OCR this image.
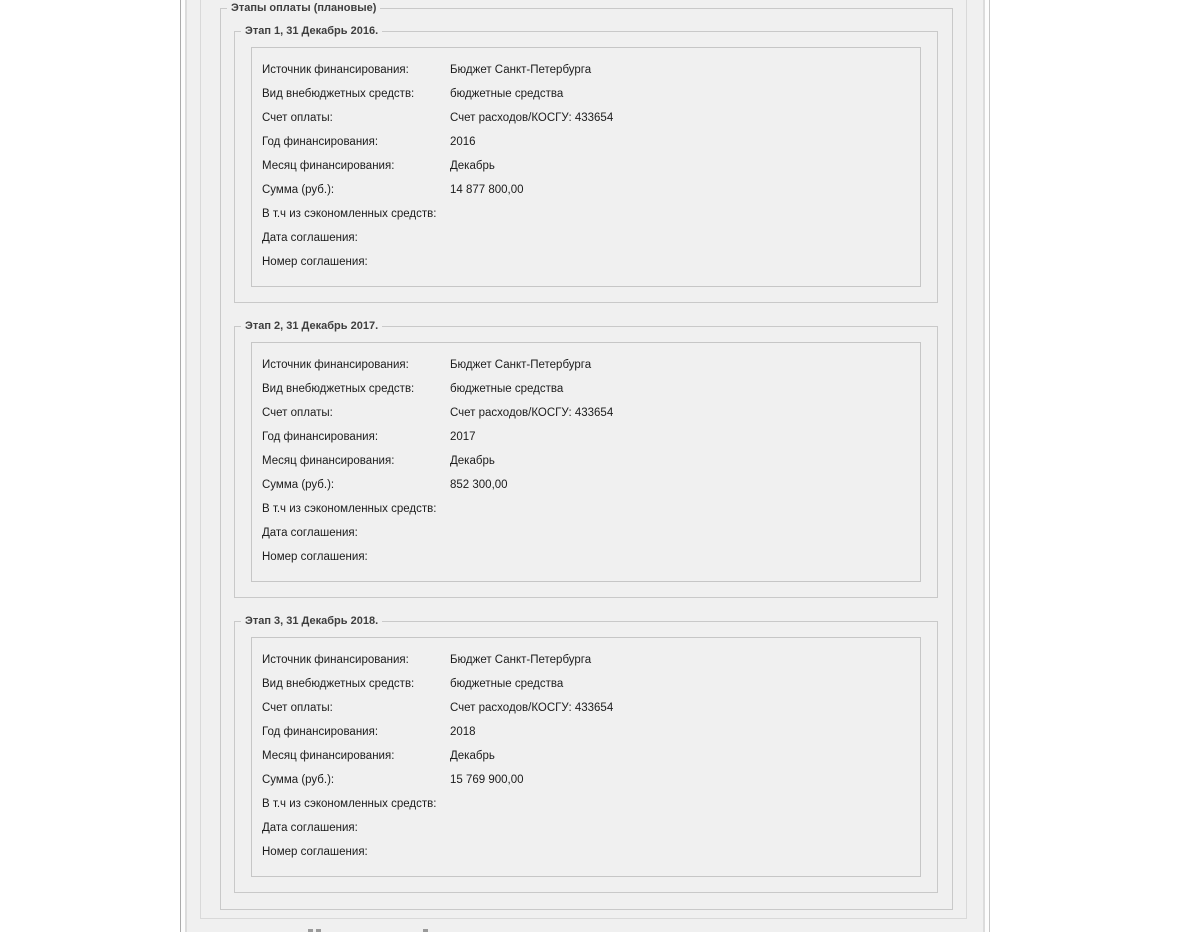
Этапы оплаты (плановые)
Этап 1, 31 Декабрь 2016.
Источник финансирования:	Бюджет Санкт-Петербурга
Вид внебюджетных средств:	бюджетные средства
Счет оплаты:	Счет расходов/КОСГУ: 433654
Год финансирования:	2016
Месяц финансирования:	Декабрь
Сумма (руб.):	14 877 800,00
В т.ч из сэкономленных средств:
Дата соглашения:
Номер соглашения:
Этап 2, 31 Декабрь 2017.
Источник финансирования:	Бюджет Санкт-Петербурга
Вид внебюджетных средств:	бюджетные средства
Счет оплаты:	Счет расходов/КОСГУ: 433654
Год финансирования:	2017
Месяц финансирования:	Декабрь
Сумма (руб.):	852 300,00
В т.ч из сэкономленных средств:
Дата соглашения:
Номер соглашения:
Этап 3, 31 Декабрь 2018.
Источник финансирования:	Бюджет Санкт-Петербурга
Вид внебюджетных средств:	бюджетные средства
Счет оплаты:	Счет расходов/КОСГУ: 433654
Год финансирования:	2018
Месяц финансирования:	Декабрь
Сумма (руб.):	15 769 900,00
В т.ч из сэкономленных средств:
Дата соглашения:
Номер соглашения:
